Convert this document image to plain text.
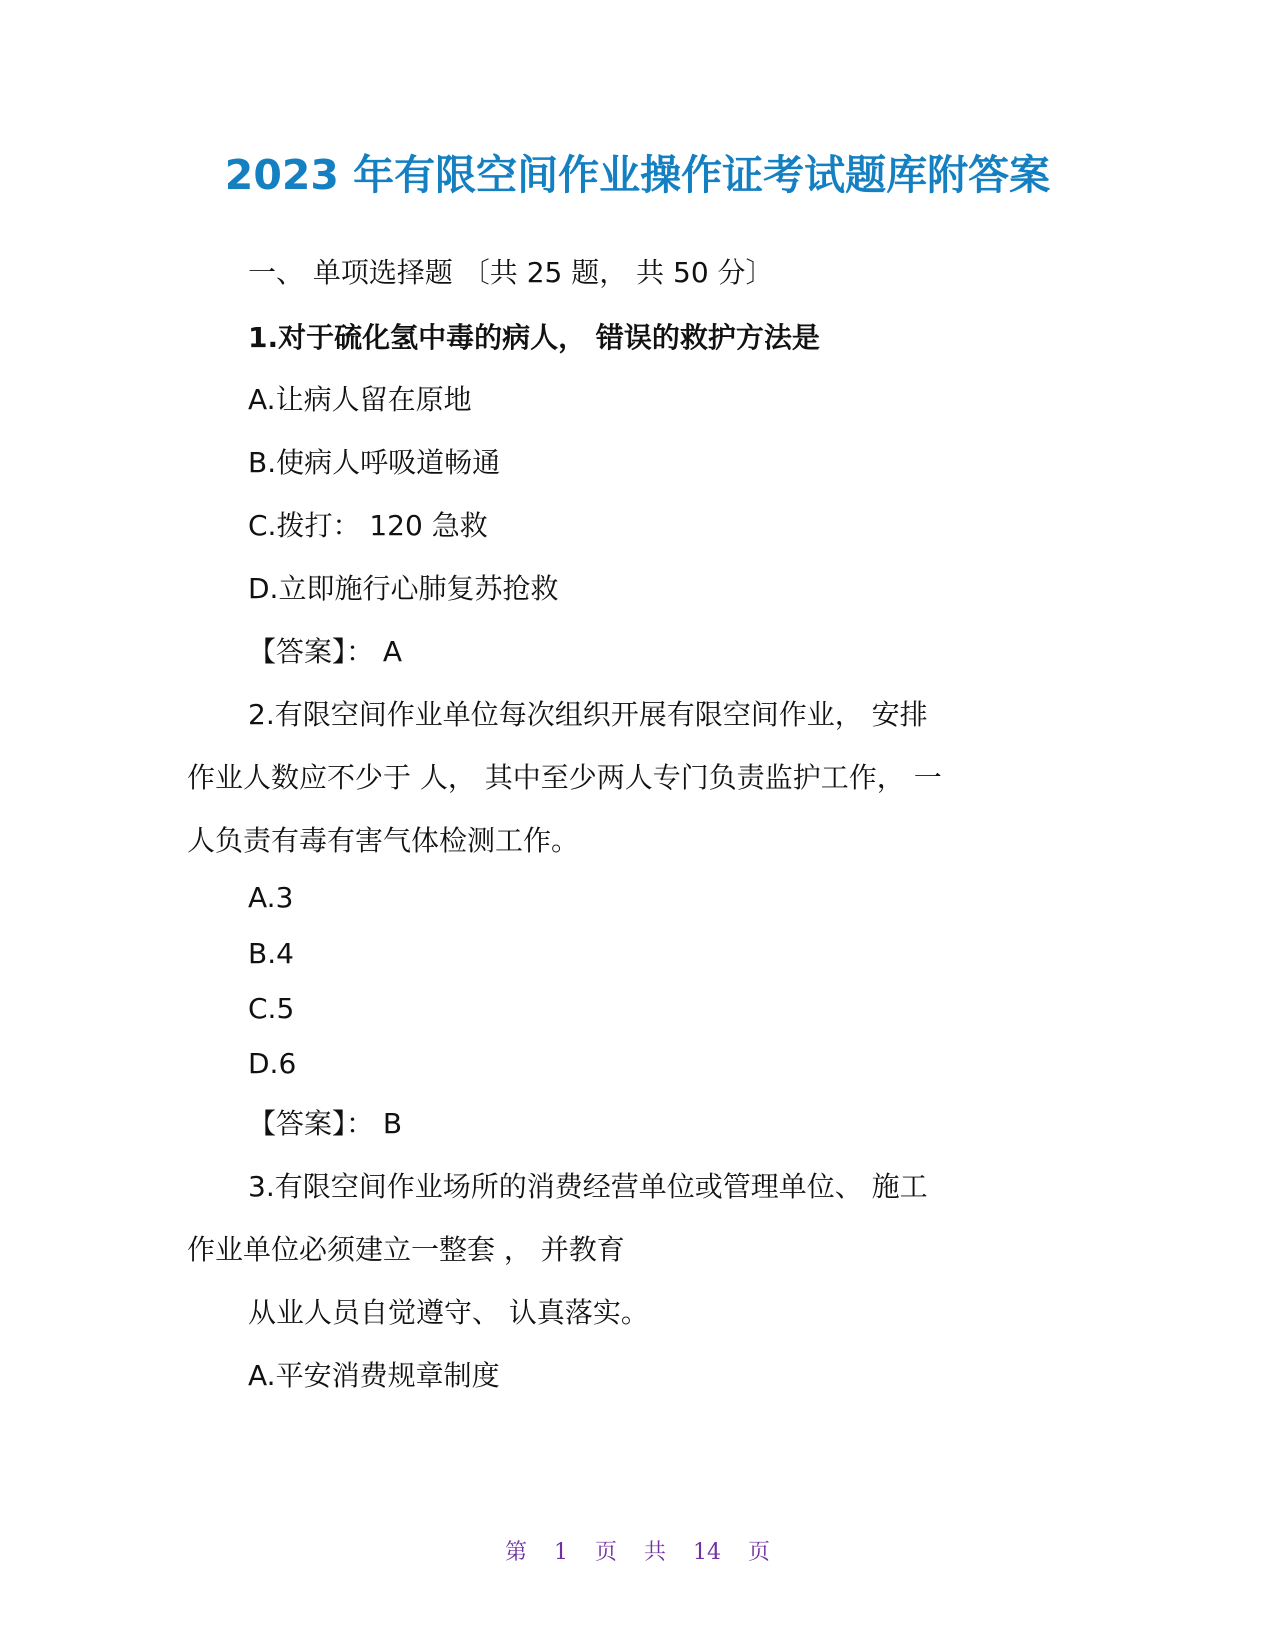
2023 年有限空间作业操作证考试题库附答案

一、 单项选择题 〔共 25 题， 共 50 分〕

1.对于硫化氢中毒的病人， 错误的救护方法是

A.让病人留在原地

B.使病人呼吸道畅通

C.拨打： 120 急救

D.立即施行心肺复苏抢救

【答案】： A

2.有限空间作业单位每次组织开展有限空间作业， 安排

作业人数应不少于 人， 其中至少两人专门负责监护工作， 一

人负责有毒有害气体检测工作。

A.3

B.4

C.5

D.6

【答案】： B

3.有限空间作业场所的消费经营单位或管理单位、 施工

作业单位必须建立一整套 ， 并教育

从业人员自觉遵守、 认真落实。

A.平安消费规章制度

第 1 页 共 14 页
